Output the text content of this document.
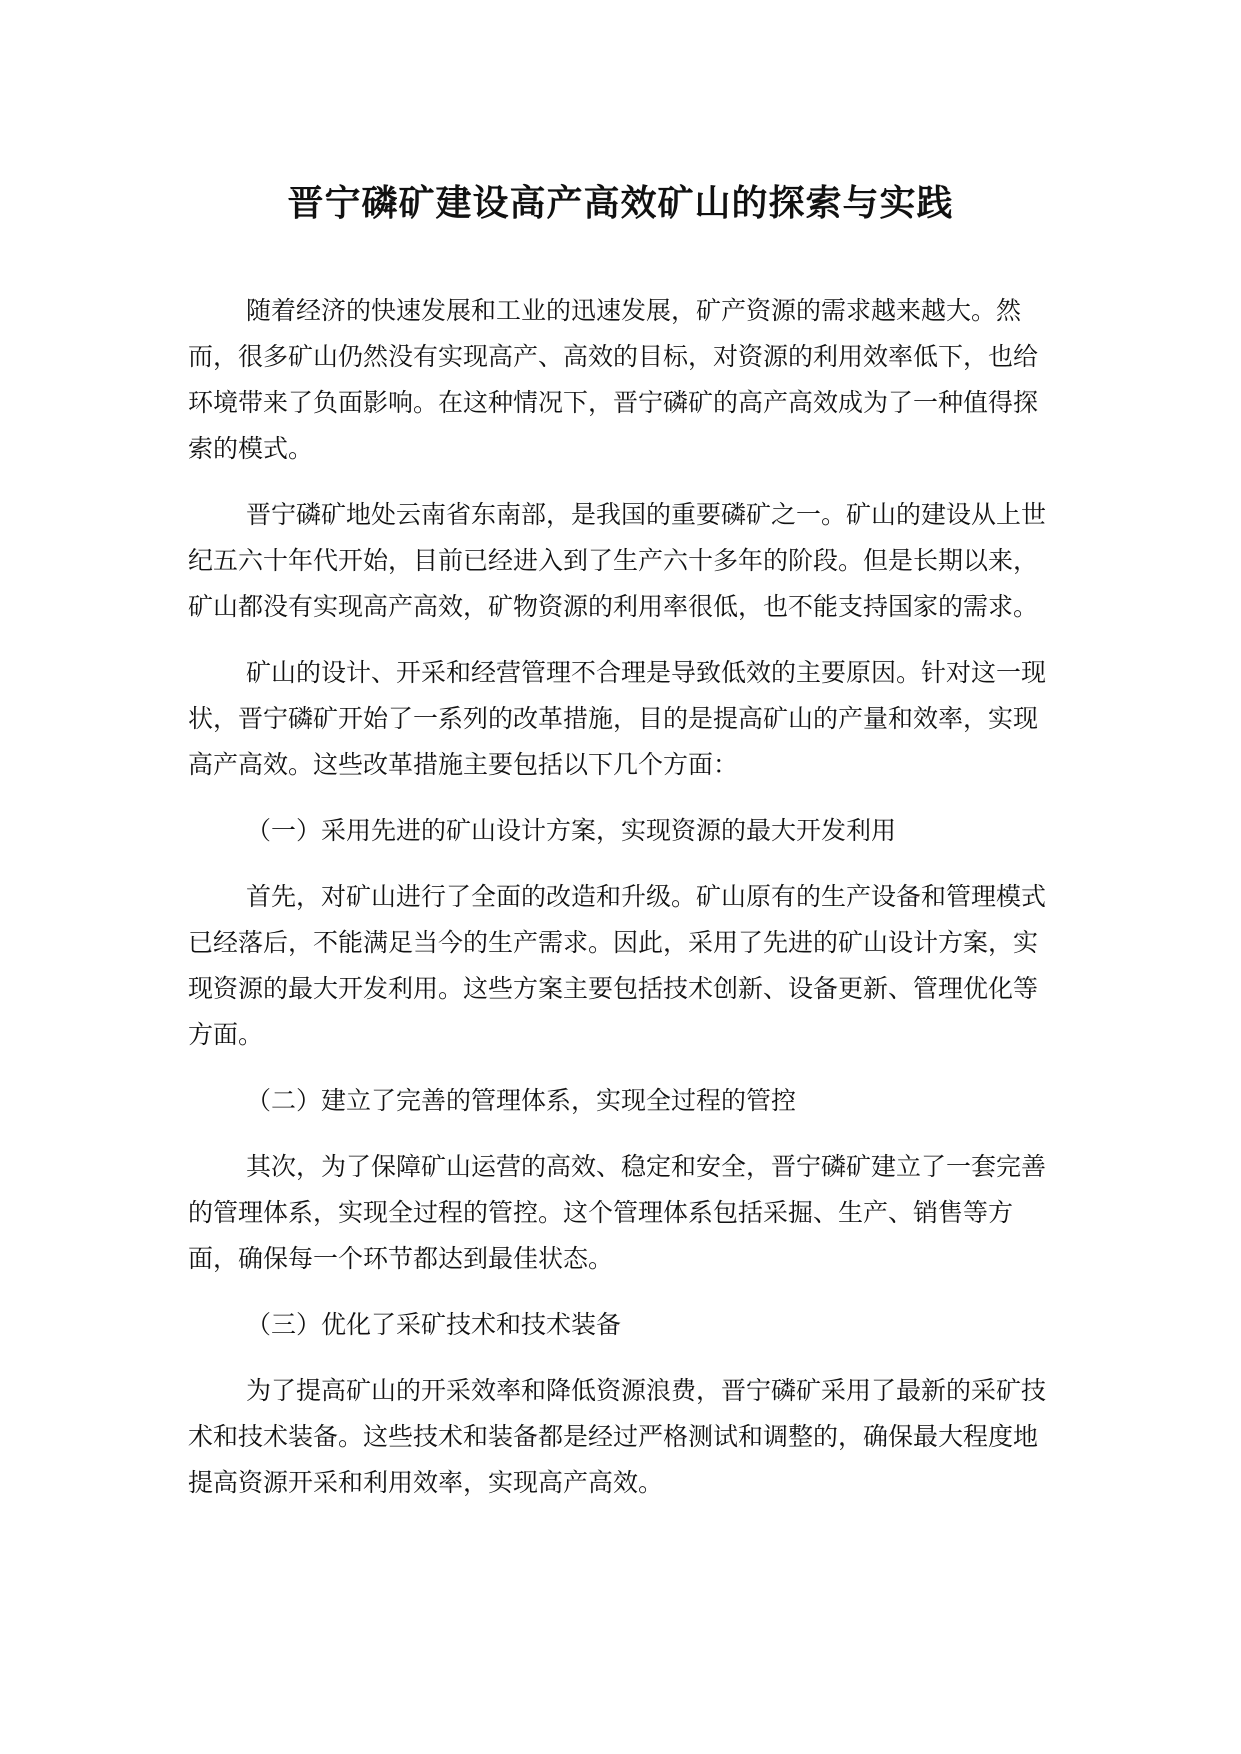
晋宁磷矿建设高产高效矿山的探索与实践

随着经济的快速发展和工业的迅速发展，矿产资源的需求越来越大。然而，很多矿山仍然没有实现高产、高效的目标，对资源的利用效率低下，也给环境带来了负面影响。在这种情况下，晋宁磷矿的高产高效成为了一种值得探索的模式。

晋宁磷矿地处云南省东南部，是我国的重要磷矿之一。矿山的建设从上世纪五六十年代开始，目前已经进入到了生产六十多年的阶段。但是长期以来，矿山都没有实现高产高效，矿物资源的利用率很低，也不能支持国家的需求。

矿山的设计、开采和经营管理不合理是导致低效的主要原因。针对这一现状，晋宁磷矿开始了一系列的改革措施，目的是提高矿山的产量和效率，实现高产高效。这些改革措施主要包括以下几个方面：

（一）采用先进的矿山设计方案，实现资源的最大开发利用

首先，对矿山进行了全面的改造和升级。矿山原有的生产设备和管理模式已经落后，不能满足当今的生产需求。因此，采用了先进的矿山设计方案，实现资源的最大开发利用。这些方案主要包括技术创新、设备更新、管理优化等方面。

（二）建立了完善的管理体系，实现全过程的管控

其次，为了保障矿山运营的高效、稳定和安全，晋宁磷矿建立了一套完善的管理体系，实现全过程的管控。这个管理体系包括采掘、生产、销售等方面，确保每一个环节都达到最佳状态。

（三）优化了采矿技术和技术装备

为了提高矿山的开采效率和降低资源浪费，晋宁磷矿采用了最新的采矿技术和技术装备。这些技术和装备都是经过严格测试和调整的，确保最大程度地提高资源开采和利用效率，实现高产高效。
